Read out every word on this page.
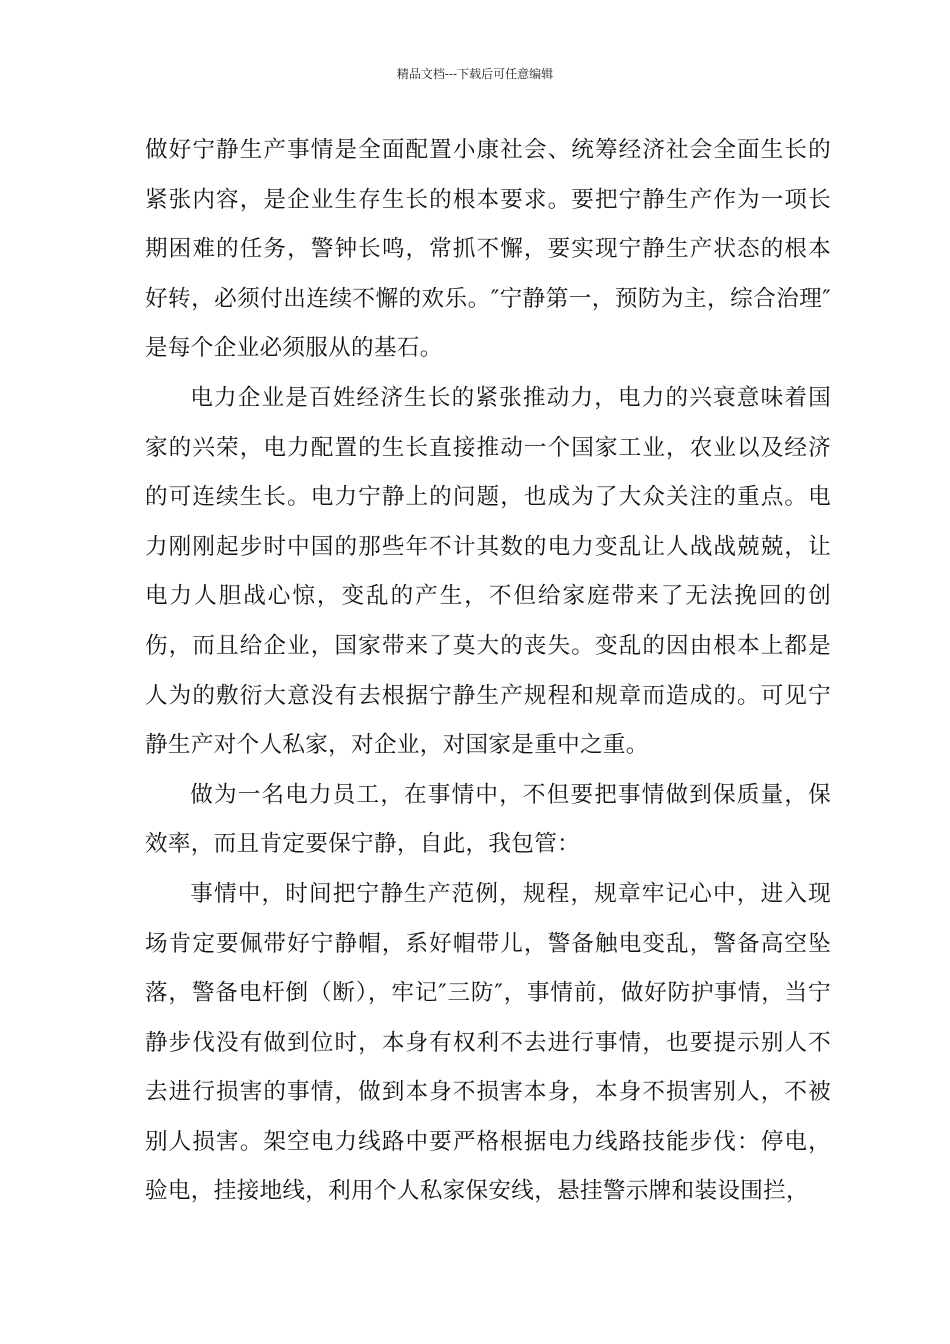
精品文档---下载后可任意编辑

做好宁静生产事情是全面配置小康社会、统筹经济社会全面生长的紧张内容，是企业生存生长的根本要求。要把宁静生产作为一项长期困难的任务，警钟长鸣，常抓不懈，要实现宁静生产状态的根本好转，必须付出连续不懈的欢乐。″宁静第一，预防为主，综合治理″是每个企业必须服从的基石。

电力企业是百姓经济生长的紧张推动力，电力的兴衰意味着国家的兴荣，电力配置的生长直接推动一个国家工业，农业以及经济的可连续生长。电力宁静上的问题，也成为了大众关注的重点。电力刚刚起步时中国的那些年不计其数的电力变乱让人战战兢兢，让电力人胆战心惊，变乱的产生，不但给家庭带来了无法挽回的创伤，而且给企业，国家带来了莫大的丧失。变乱的因由根本上都是人为的敷衍大意没有去根据宁静生产规程和规章而造成的。可见宁静生产对个人私家，对企业，对国家是重中之重。

做为一名电力员工，在事情中，不但要把事情做到保质量，保效率，而且肯定要保宁静，自此，我包管：

事情中，时间把宁静生产范例，规程，规章牢记心中，进入现场肯定要佩带好宁静帽，系好帽带儿，警备触电变乱，警备高空坠落，警备电杆倒（断），牢记″三防″，事情前，做好防护事情，当宁静步伐没有做到位时，本身有权利不去进行事情，也要提示别人不去进行损害的事情，做到本身不损害本身，本身不损害别人，不被别人损害。架空电力线路中要严格根据电力线路技能步伐：停电，验电，挂接地线，利用个人私家保安线，悬挂警示牌和装设围拦，
